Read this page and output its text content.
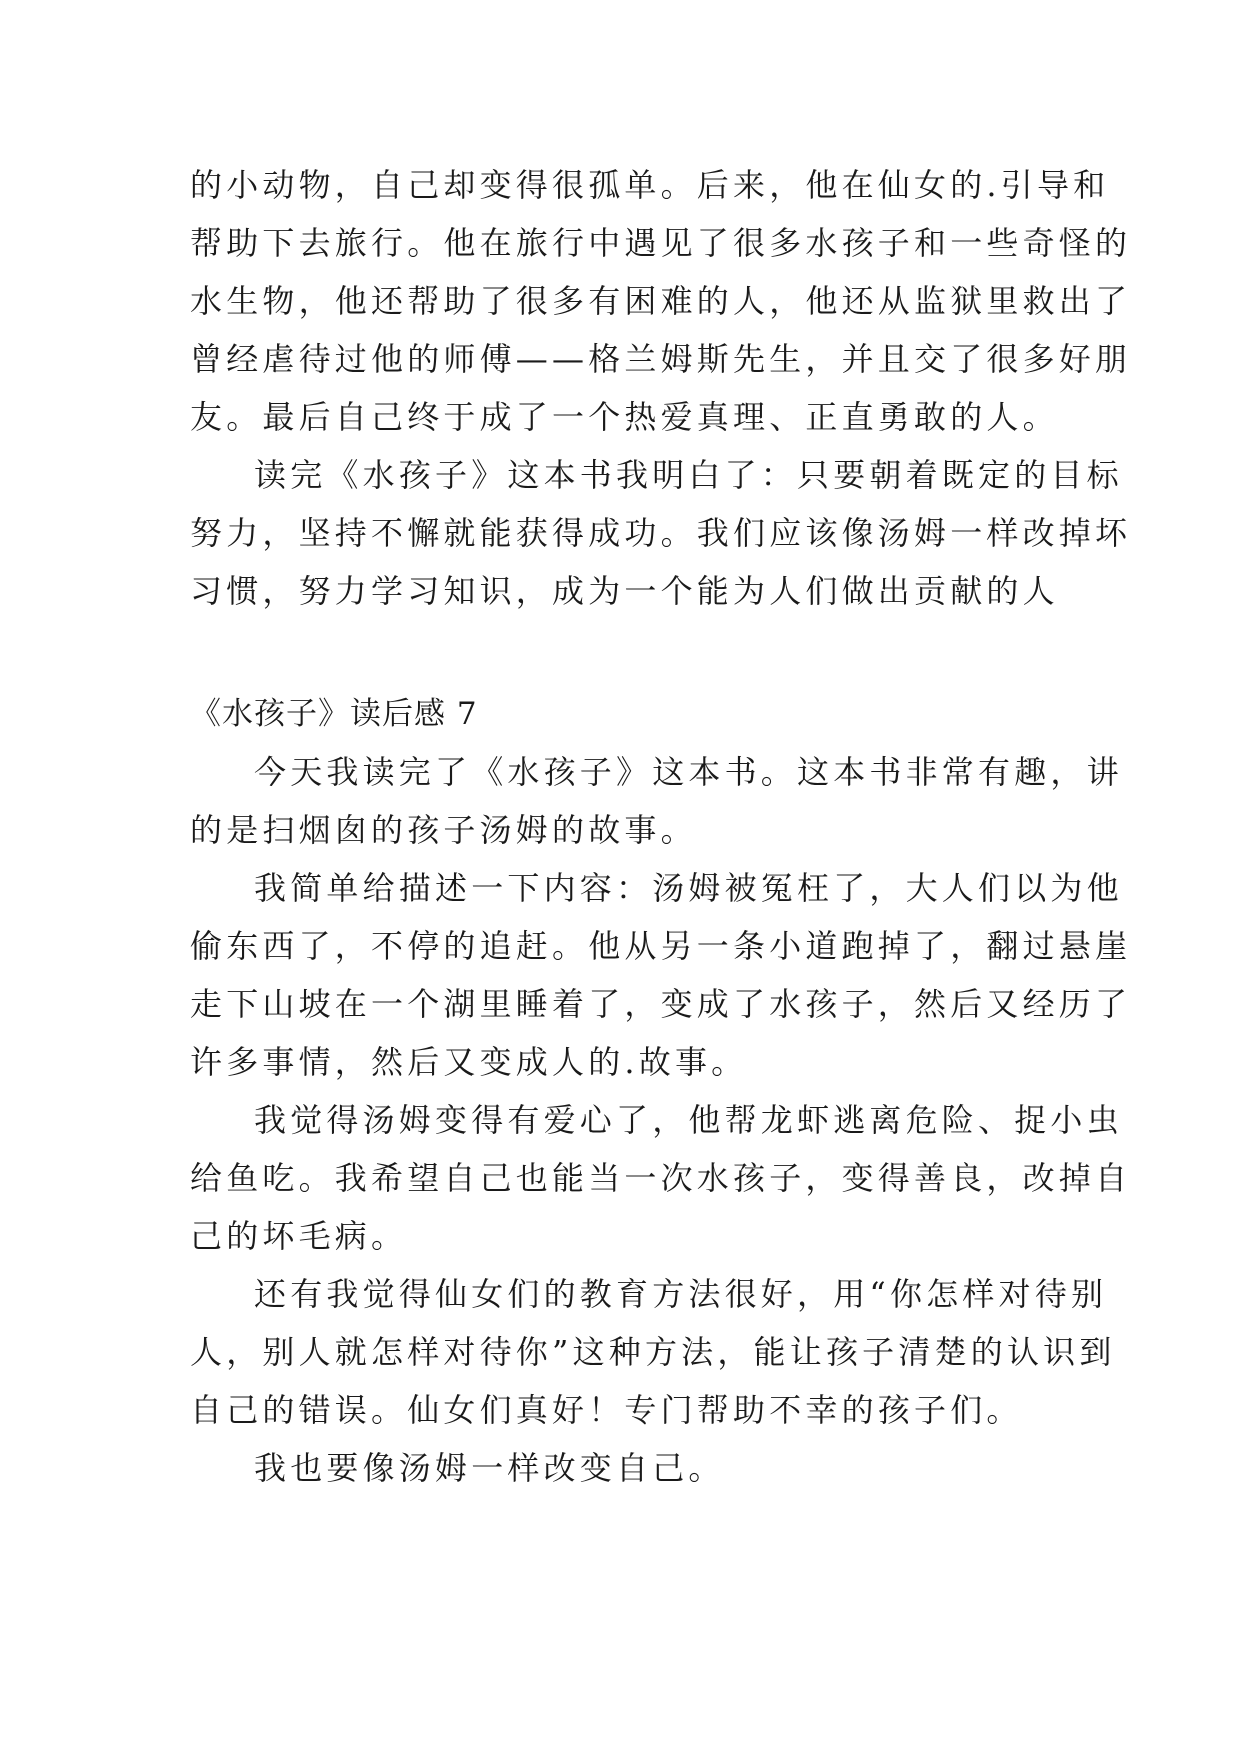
的小动物，自己却变得很孤单。后来，他在仙女的.引导和
帮助下去旅行。他在旅行中遇见了很多水孩子和一些奇怪的
水生物，他还帮助了很多有困难的人，他还从监狱里救出了
曾经虐待过他的师傅——格兰姆斯先生，并且交了很多好朋
友。最后自己终于成了一个热爱真理、正直勇敢的人。
读完《水孩子》这本书我明白了：只要朝着既定的目标
努力，坚持不懈就能获得成功。我们应该像汤姆一样改掉坏
习惯，努力学习知识，成为一个能为人们做出贡献的人
《水孩子》读后感 7
今天我读完了《水孩子》这本书。这本书非常有趣，讲
的是扫烟囱的孩子汤姆的故事。
我简单给描述一下内容：汤姆被冤枉了，大人们以为他
偷东西了，不停的追赶。他从另一条小道跑掉了，翻过悬崖
走下山坡在一个湖里睡着了，变成了水孩子，然后又经历了
许多事情，然后又变成人的.故事。
我觉得汤姆变得有爱心了，他帮龙虾逃离危险、捉小虫
给鱼吃。我希望自己也能当一次水孩子，变得善良，改掉自
己的坏毛病。
还有我觉得仙女们的教育方法很好，用“你怎样对待别
人，别人就怎样对待你”这种方法，能让孩子清楚的认识到
自己的错误。仙女们真好！专门帮助不幸的孩子们。
我也要像汤姆一样改变自己。
